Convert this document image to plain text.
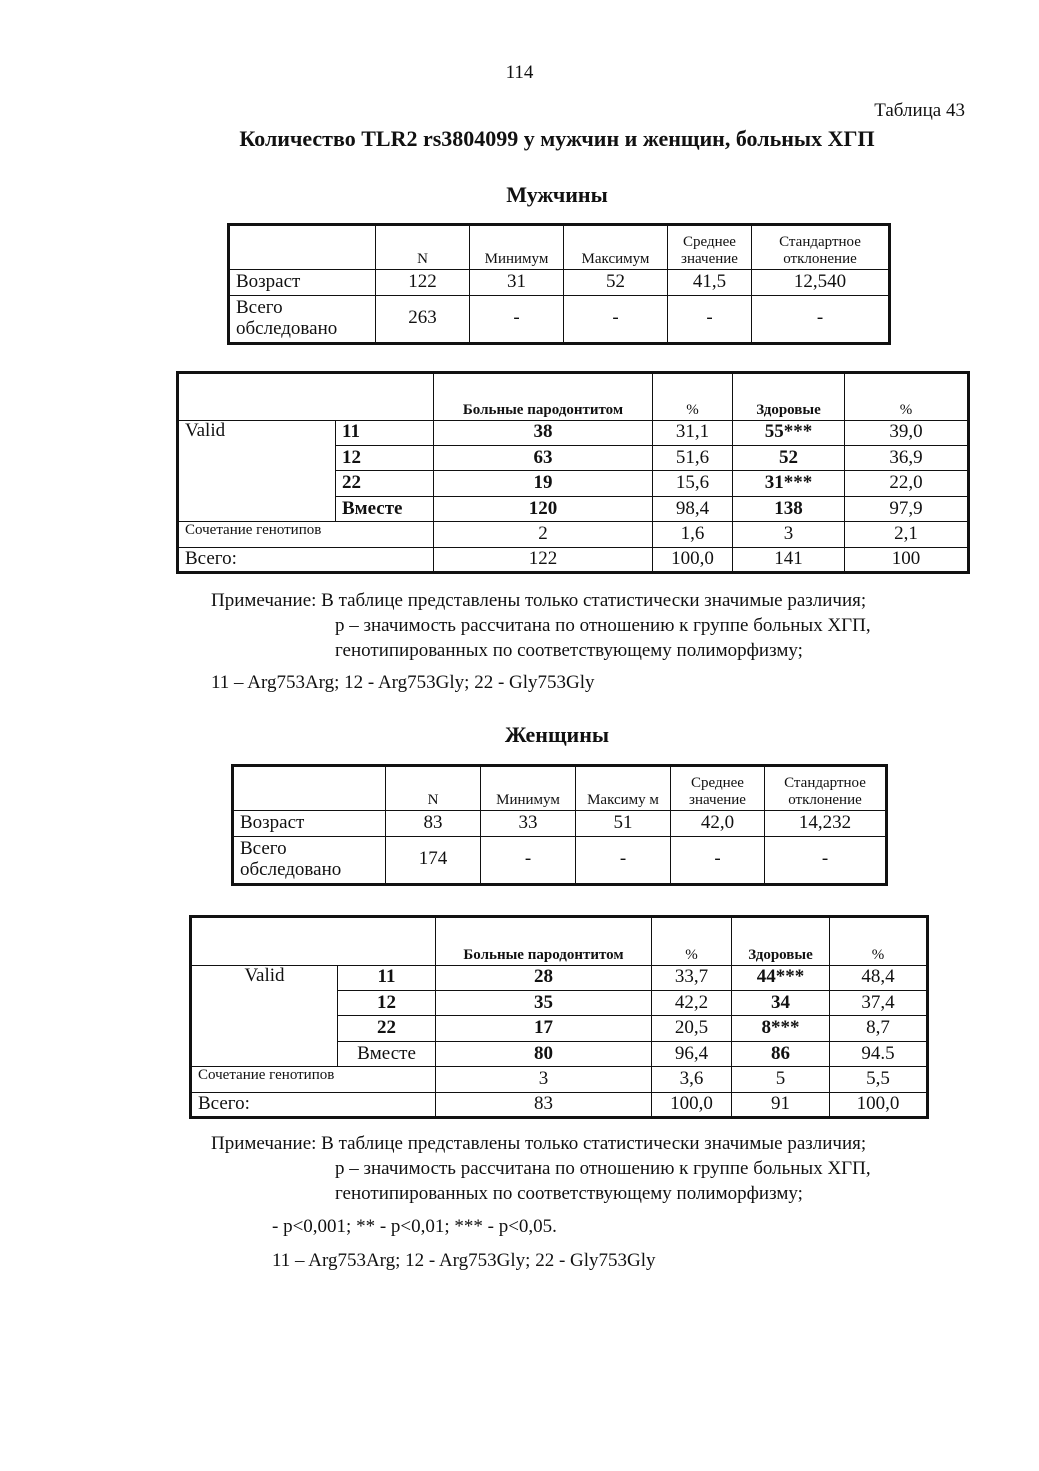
114
Таблица 43
Количество TLR2 rs3804099 у мужчин и женщин, больных ХГП
Мужчины
	N	Минимум	Максимум	Среднее значение	Стандартное отклонение
Возраст	122	31	52	41,5	12,540
Всего обследовано	263	-	-	-	-
		Больные пародонтитом	%	Здоровые	%
Valid	11	38	31,1	55***	39,0
	12	63	51,6	52	36,9
	22	19	15,6	31***	22,0
	Вместе	120	98,4	138	97,9
Сочетание генотипов		2	1,6	3	2,1
Всего:		122	100,0	141	100
Примечание: В таблице представлены только статистически значимые различия;
р – значимость рассчитана по отношению к группе больных ХГП,
генотипированных по соответствующему полиморфизму;
11 – Arg753Arg; 12 - Arg753Gly; 22 - Gly753Gly
Женщины
	N	Минимум	Максиму м	Среднее значение	Стандартное отклонение
Возраст	83	33	51	42,0	14,232
Всего обследовано	174	-	-	-	-
		Больные пародонтитом	%	Здоровые	%
Valid	11	28	33,7	44***	48,4
	12	35	42,2	34	37,4
	22	17	20,5	8***	8,7
	Вместе	80	96,4	86	94.5
Сочетание генотипов		3	3,6	5	5,5
Всего:		83	100,0	91	100,0
Примечание: В таблице представлены только статистически значимые различия;
р – значимость рассчитана по отношению к группе больных ХГП,
генотипированных по соответствующему полиморфизму;
- p<0,001; ** - p<0,01; *** - p<0,05.
11 – Arg753Arg; 12 - Arg753Gly; 22 - Gly753Gly
